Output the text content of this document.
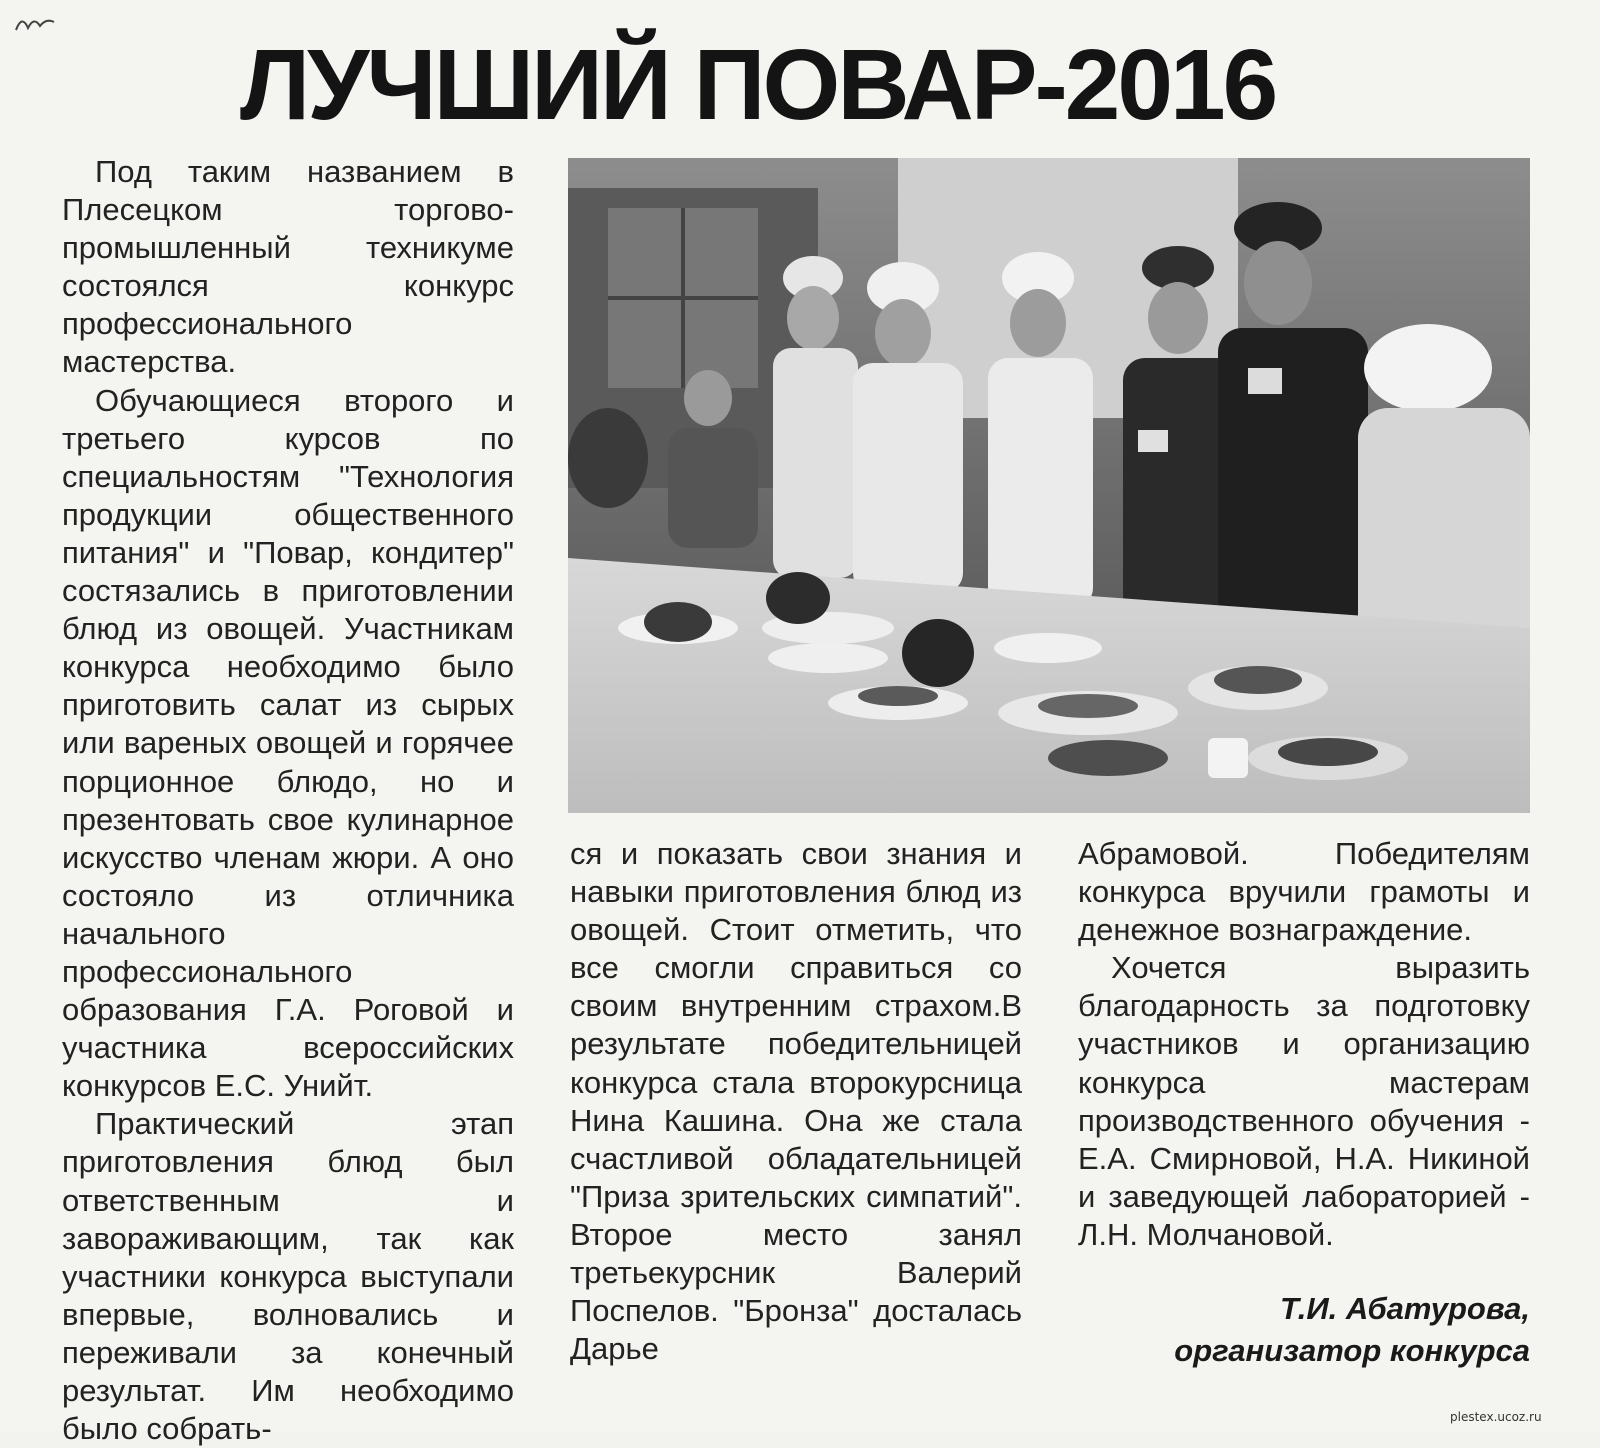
ЛУЧШИЙ ПОВАР-2016

Под таким названием в Плесецком торгово-промышленный техникуме состоялся конкурс профессионального мастерства.

Обучающиеся второго и третьего курсов по специальностям "Технология продукции общественного питания" и "Повар, кондитер" состязались в приготовлении блюд из овощей. Участникам конкурса необходимо было приготовить салат из сырых или вареных овощей и горячее порционное блюдо, но и презентовать свое кулинарное искусство членам жюри. А оно состояло из отличника начального профессионального образования Г.А. Роговой и участника всероссийских конкурсов Е.С. Унийт.

Практический этап приготовления блюд был ответственным и завораживающим, так как участники конкурса выступали впервые, волновались и переживали за конечный результат. Им необходимо было собрать-

ся и показать свои знания и навыки приготовления блюд из овощей. Стоит отметить, что все смогли справиться со своим внутренним страхом.В результате победительницей конкурса стала второкурсница Нина Кашина. Она же стала счастливой обладательницей "Приза зрительских симпатий". Второе место занял третьекурсник Валерий Поспелов. "Бронза" досталась Дарье

Абрамовой. Победителям конкурса вручили грамоты и денежное вознаграждение.

Хочется выразить благодарность за подготовку участников и организацию конкурса мастерам производственного обучения - Е.А. Смирновой, Н.А. Никиной и заведующей лабораторией - Л.Н. Молчановой.

Т.И. Абатурова,
организатор конкурса
plestex.ucoz.ru
